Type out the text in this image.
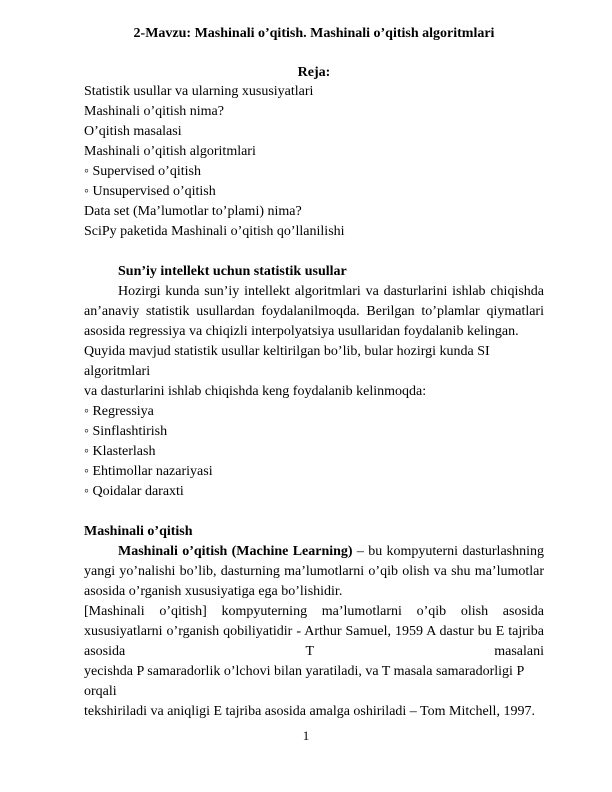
2-Mavzu: Mashinali o’qitish. Mashinali o’qitish algoritmlari

Reja:

Statistik usullar va ularning xususiyatlari

Mashinali o’qitish nima?

O’qitish masalasi

Mashinali o’qitish algoritmlari

◦ Supervised o’qitish

◦ Unsupervised o’qitish

Data set (Ma’lumotlar to’plami) nima?

SciPy paketida Mashinali o’qitish qo’llanilishi

Sun’iy intellekt uchun statistik usullar

Hozirgi kunda sun’iy intellekt algoritmlari va dasturlarini ishlab chiqishda an’anaviy statistik usullardan foydalanilmoqda. Berilgan to’plamlar qiymatlari asosida regressiya va chiqizli interpolyatsiya usullaridan foydalanib kelingan.

Quyida mavjud statistik usullar keltirilgan bo’lib, bular hozirgi kunda SI algoritmlari

va dasturlarini ishlab chiqishda keng foydalanib kelinmoqda:

◦ Regressiya

◦ Sinflashtirish

◦ Klasterlash

◦ Ehtimollar nazariyasi

◦ Qoidalar daraxti

Mashinali o’qitish

Mashinali o’qitish (Machine Learning) – bu kompyuterni dasturlashning yangi yo’nalishi bo’lib, dasturning ma’lumotlarni o’qib olish va shu ma’lumotlar asosida o’rganish xususiyatiga ega bo’lishidir.

[Mashinali o’qitish] kompyuterning ma’lumotlarni o’qib olish asosida xususiyatlarni o’rganish qobiliyatidir - Arthur Samuel, 1959 A dastur bu E tajriba asosida T masalani

yecishda P samaradorlik o’lchovi bilan yaratiladi, va T masala samaradorligi P orqali

tekshiriladi va aniqligi E tajriba asosida amalga oshiriladi – Tom Mitchell, 1997.

1
